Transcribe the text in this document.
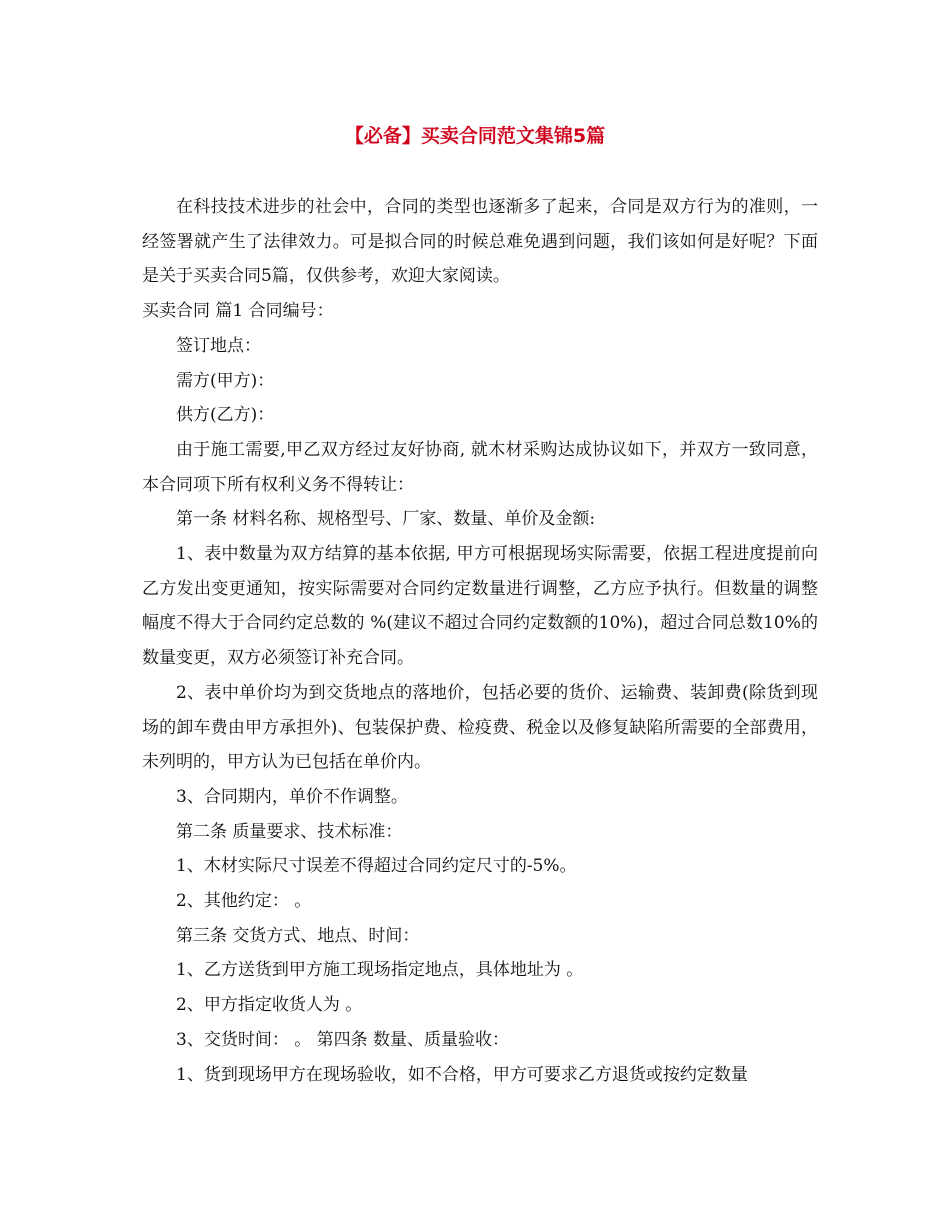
【必备】买卖合同范文集锦5篇

在科技技术进步的社会中，合同的类型也逐渐多了起来，合同是双方行为的准则，一经签署就产生了法律效力。可是拟合同的时候总难免遇到问题，我们该如何是好呢？下面是关于买卖合同5篇，仅供参考，欢迎大家阅读。

买卖合同 篇1 合同编号：

签订地点：

需方(甲方)：

供方(乙方)：

由于施工需要,甲乙双方经过友好协商, 就木材采购达成协议如下，并双方一致同意，本合同项下所有权利义务不得转让：

第一条 材料名称、规格型号、厂家、数量、单价及金额:

1、表中数量为双方结算的基本依据, 甲方可根据现场实际需要，依据工程进度提前向乙方发出变更通知，按实际需要对合同约定数量进行调整，乙方应予执行。但数量的调整幅度不得大于合同约定总数的 %(建议不超过合同约定数额的10%)，超过合同总数10%的数量变更，双方必须签订补充合同。

2、表中单价均为到交货地点的落地价，包括必要的货价、运输费、装卸费(除货到现场的卸车费由甲方承担外)、包装保护费、检疫费、税金以及修复缺陷所需要的全部费用，未列明的，甲方认为已包括在单价内。

3、合同期内，单价不作调整。

第二条 质量要求、技术标准：

1、木材实际尺寸误差不得超过合同约定尺寸的-5%。

2、其他约定： 。

第三条 交货方式、地点、时间：

1、乙方送货到甲方施工现场指定地点，具体地址为 。

2、甲方指定收货人为 。

3、交货时间： 。 第四条 数量、质量验收：

1、货到现场甲方在现场验收，如不合格，甲方可要求乙方退货或按约定数量
